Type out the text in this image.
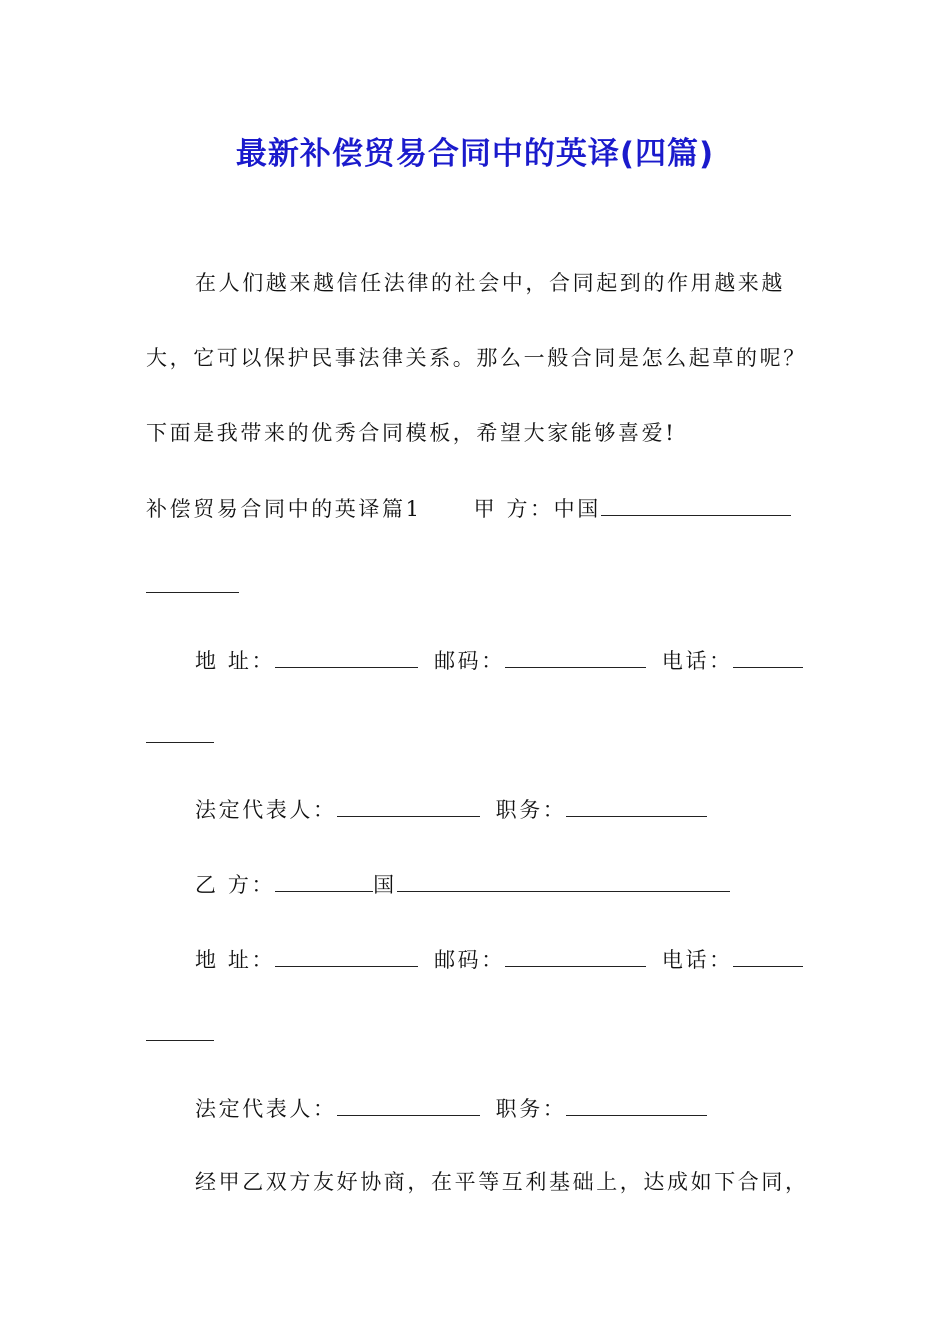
最新补偿贸易合同中的英译(四篇)

在人们越来越信任法律的社会中，合同起到的作用越来越

大，它可以保护民事法律关系。那么一般合同是怎么起草的呢？

下面是我带来的优秀合同模板，希望大家能够喜爱!

补偿贸易合同中的英译篇1 甲 方：中国

地 址：	邮码：	电话：

法定代表人：	职务：

乙 方：	国

地 址：	邮码：	电话：

法定代表人：	职务：

经甲乙双方友好协商，在平等互利基础上，达成如下合同，
